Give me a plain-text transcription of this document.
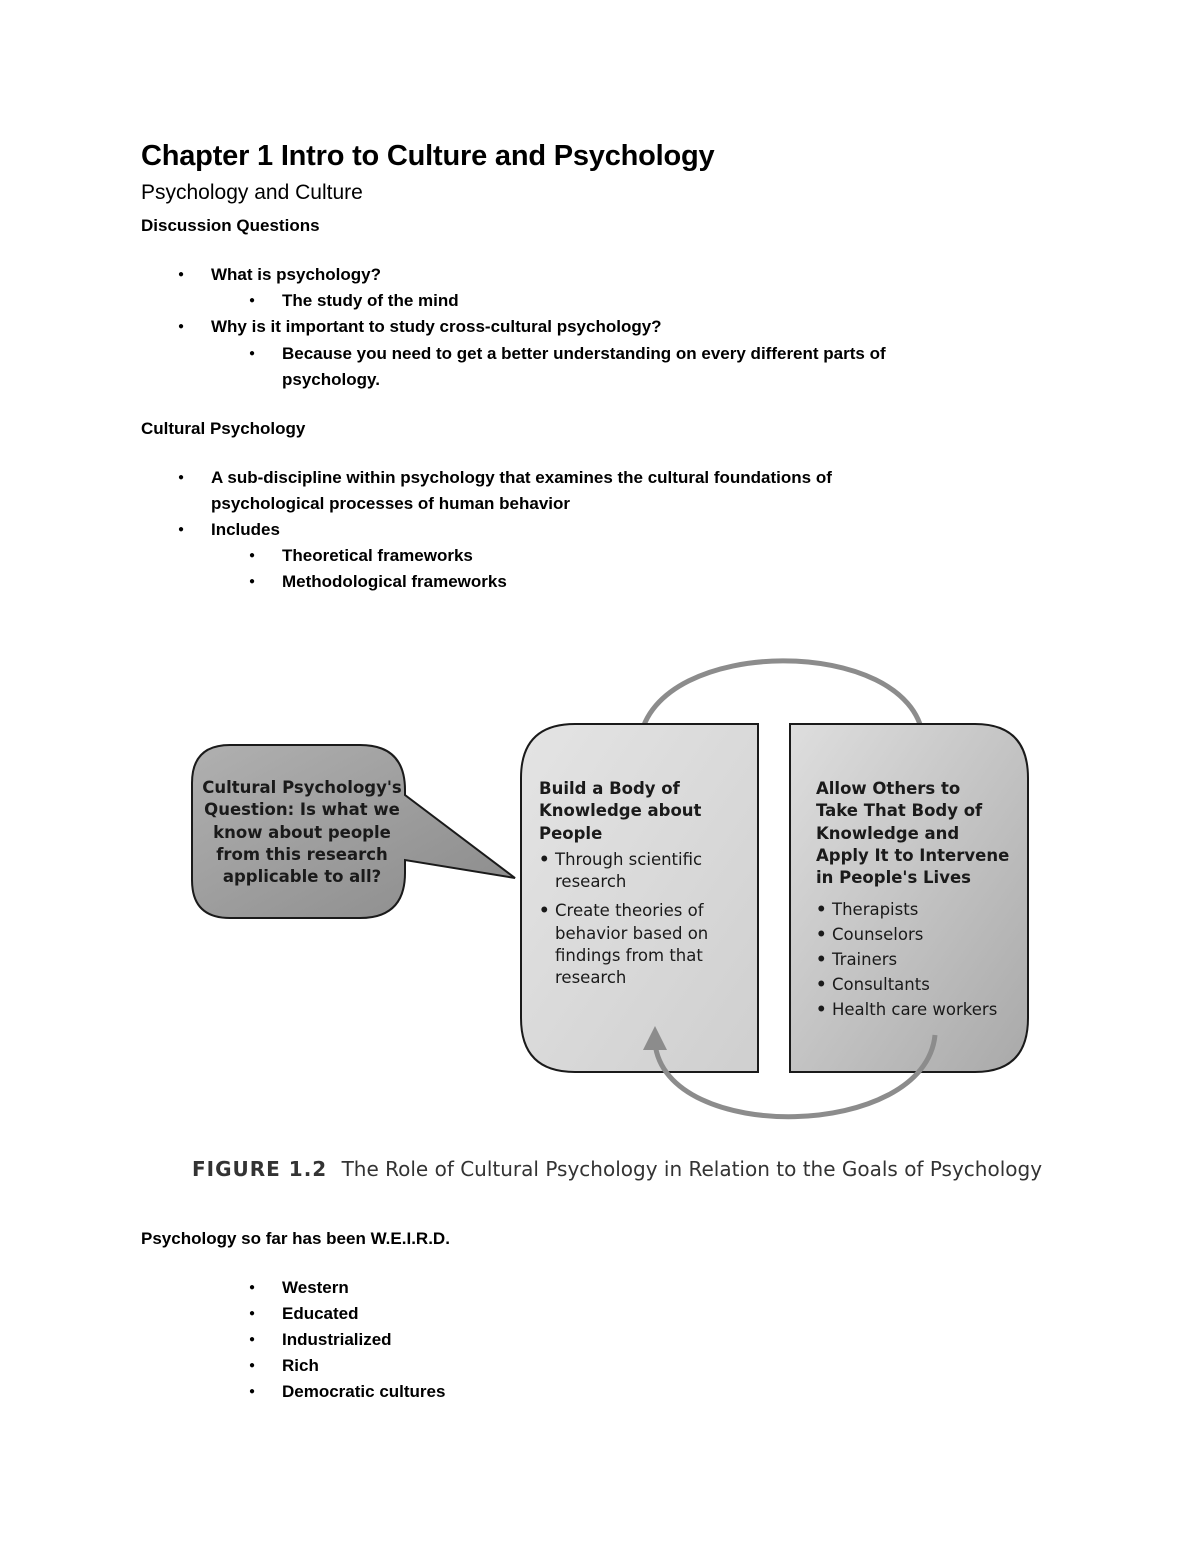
Chapter 1 Intro to Culture and Psychology
Psychology and Culture
Discussion Questions
● What is psychology?
● The study of the mind
● Why is it important to study cross-cultural psychology?
● Because you need to get a better understanding on every different parts of
psychology.
Cultural Psychology
● A sub-discipline within psychology that examines the cultural foundations of
psychological processes of human behavior
● Includes
● Theoretical frameworks
● Methodological frameworks
Cultural Psychology's
Question: Is what we
know about people
from this research
applicable to all?
Build a Body of
Knowledge about
People
• Through scientific
research
• Create theories of
behavior based on
findings from that
research
Allow Others to
Take That Body of
Knowledge and
Apply It to Intervene
in People's Lives
• Therapists
• Counselors
• Trainers
• Consultants
• Health care workers
FIGURE 1.2 The Role of Cultural Psychology in Relation to the Goals of Psychology
Psychology so far has been W.E.I.R.D.
● Western
● Educated
● Industrialized
● Rich
● Democratic cultures
